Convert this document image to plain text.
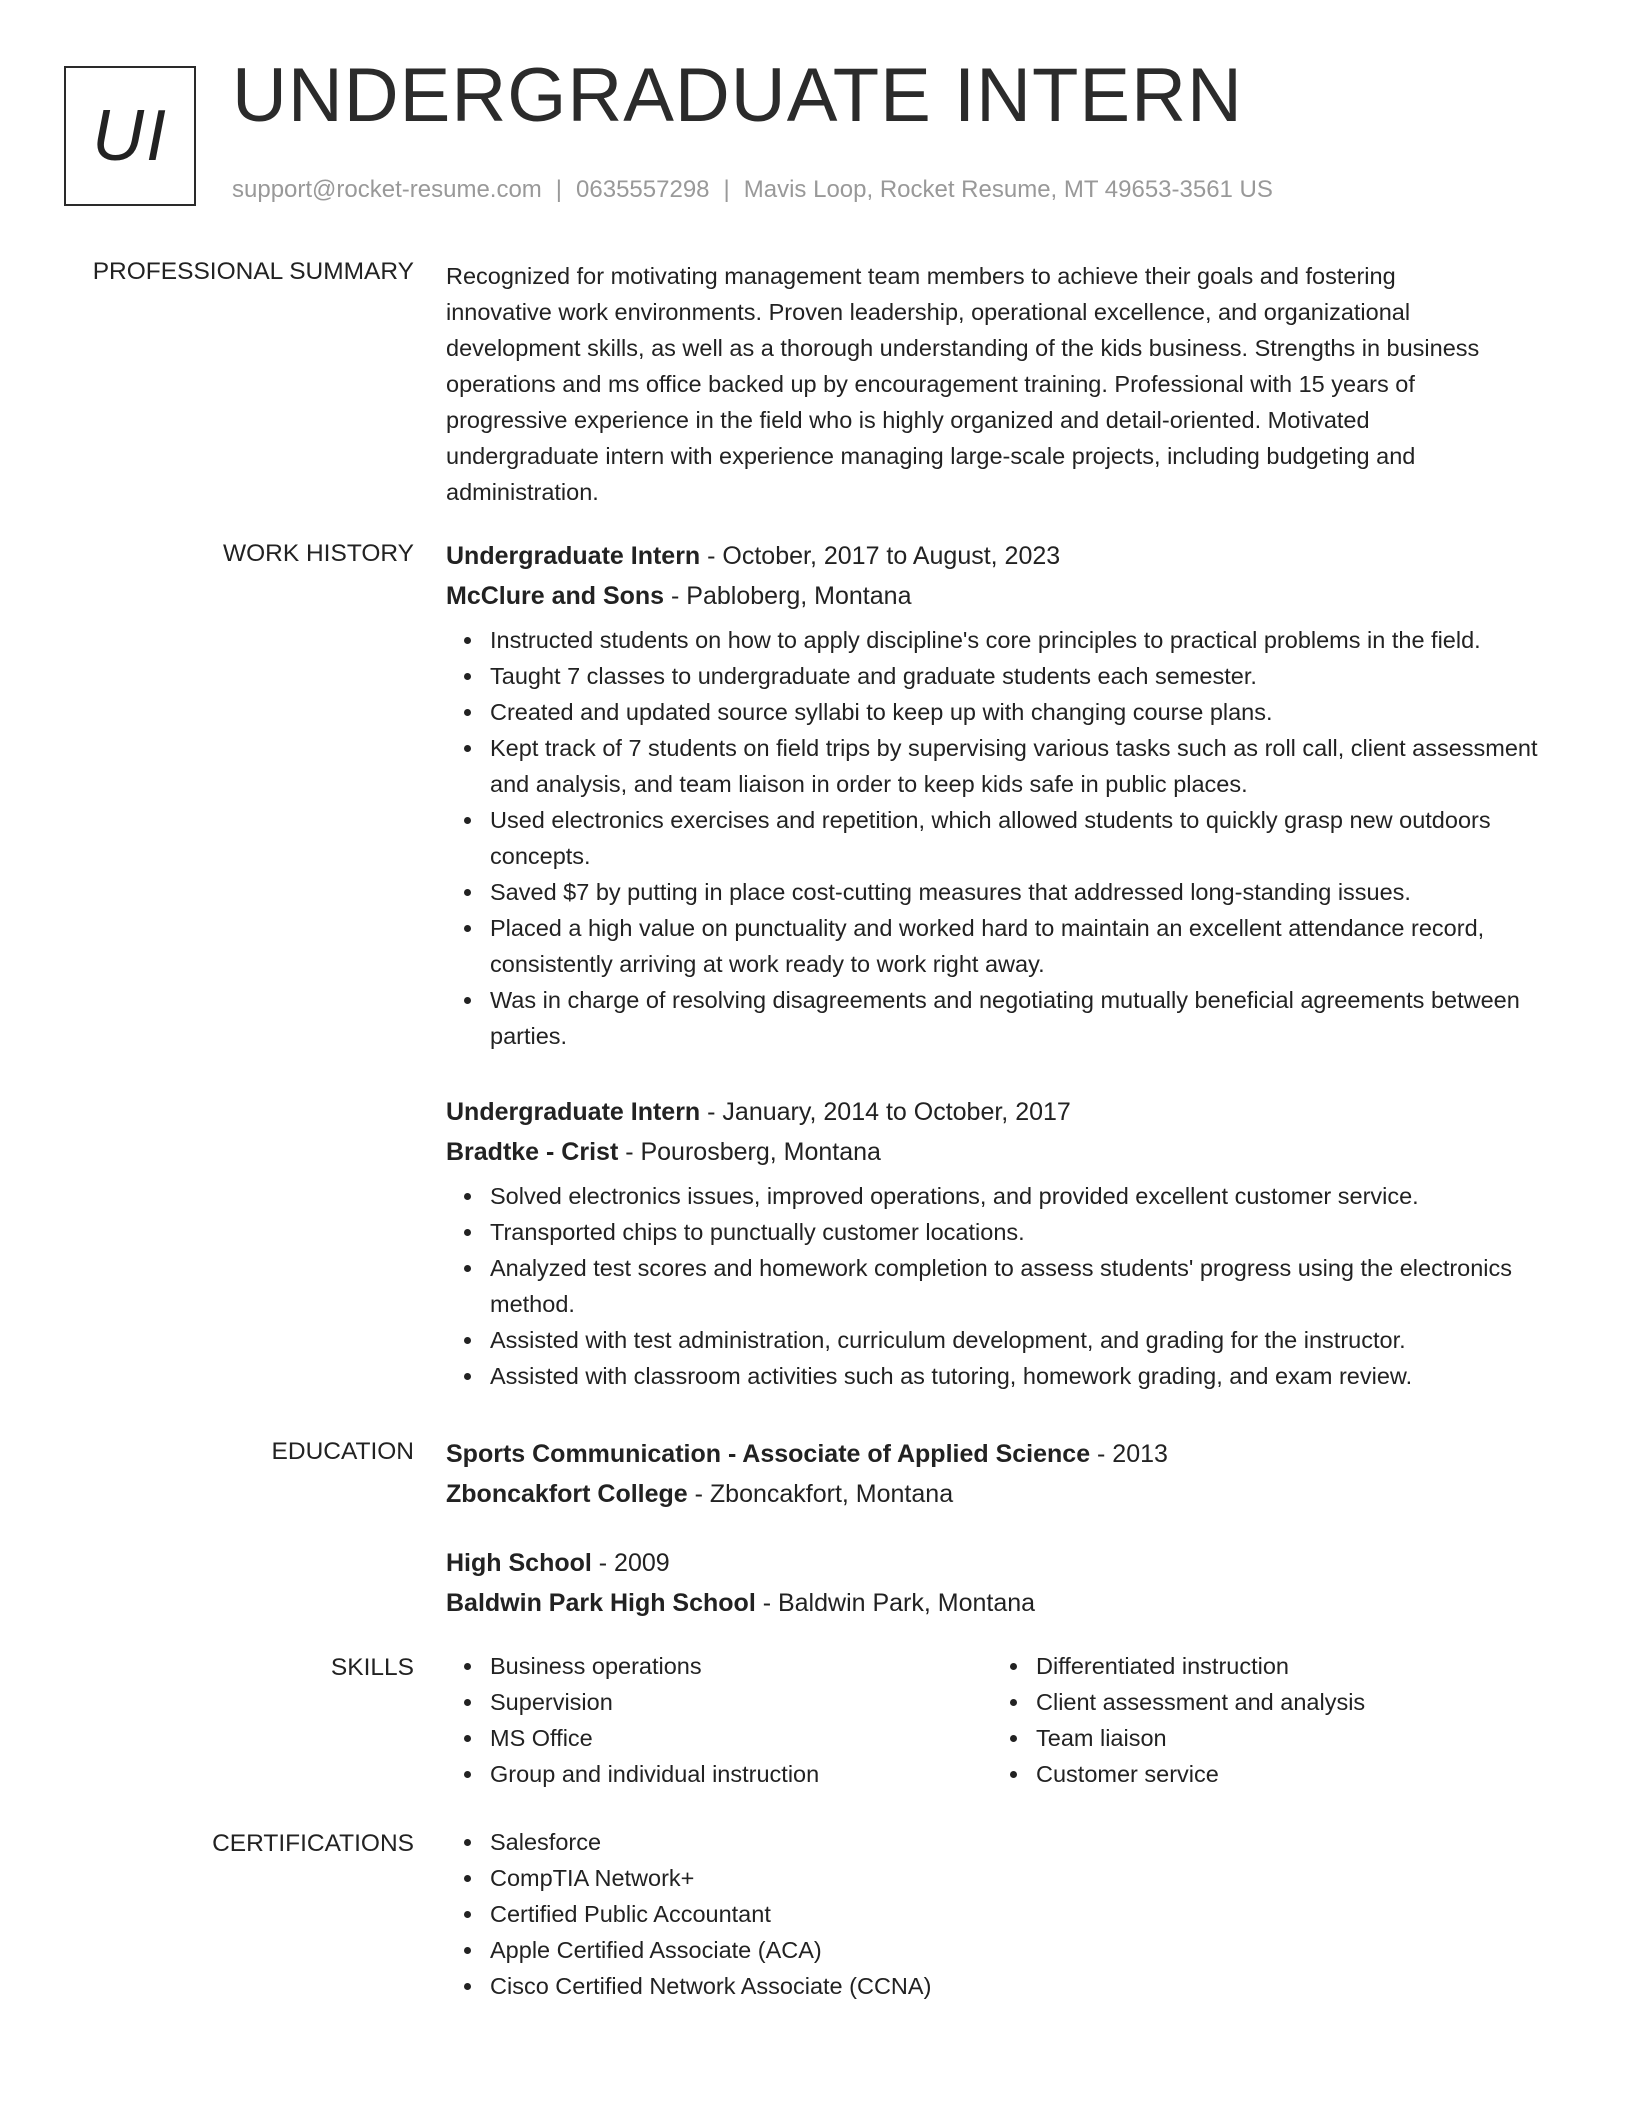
UI UNDERGRADUATE INTERN
support@rocket-resume.com | 0635557298 | Mavis Loop, Rocket Resume, MT 49653-3561 US
PROFESSIONAL SUMMARY Recognized for motivating management team members to achieve their goals and fostering
innovative work environments. Proven leadership, operational excellence, and organizational
development skills, as well as a thorough understanding of the kids business. Strengths in business
operations and ms office backed up by encouragement training. Professional with 15 years of
progressive experience in the field who is highly organized and detail-oriented. Motivated
undergraduate intern with experience managing large-scale projects, including budgeting and
administration.

WORK HISTORY Undergraduate Intern - October, 2017 to August, 2023
McClure and Sons - Pabloberg, Montana
Instructed students on how to apply discipline's core principles to practical problems in the field.
Taught 7 classes to undergraduate and graduate students each semester.
Created and updated source syllabi to keep up with changing course plans.
Kept track of 7 students on field trips by supervising various tasks such as roll call, client assessment and analysis, and team liaison in order to keep kids safe in public places.
Used electronics exercises and repetition, which allowed students to quickly grasp new outdoors concepts.
Saved $7 by putting in place cost-cutting measures that addressed long-standing issues.
Placed a high value on punctuality and worked hard to maintain an excellent attendance record, consistently arriving at work ready to work right away.
Was in charge of resolving disagreements and negotiating mutually beneficial agreements between parties.
Undergraduate Intern - January, 2014 to October, 2017
Bradtke - Crist - Pourosberg, Montana
Solved electronics issues, improved operations, and provided excellent customer service.
Transported chips to punctually customer locations.
Analyzed test scores and homework completion to assess students' progress using the electronics method.
Assisted with test administration, curriculum development, and grading for the instructor.
Assisted with classroom activities such as tutoring, homework grading, and exam review.
EDUCATION Sports Communication - Associate of Applied Science - 2013
Zboncakfort College - Zboncakfort, Montana
High School - 2009
Baldwin Park High School - Baldwin Park, Montana
SKILLS	Business operations
Supervision
MS Office
Group and individual instruction
Differentiated instruction
Client assessment and analysis
Team liaison
Customer service
CERTIFICATIONS	Salesforce
CompTIA Network+
Certified Public Accountant
Apple Certified Associate (ACA)
Cisco Certified Network Associate (CCNA)
